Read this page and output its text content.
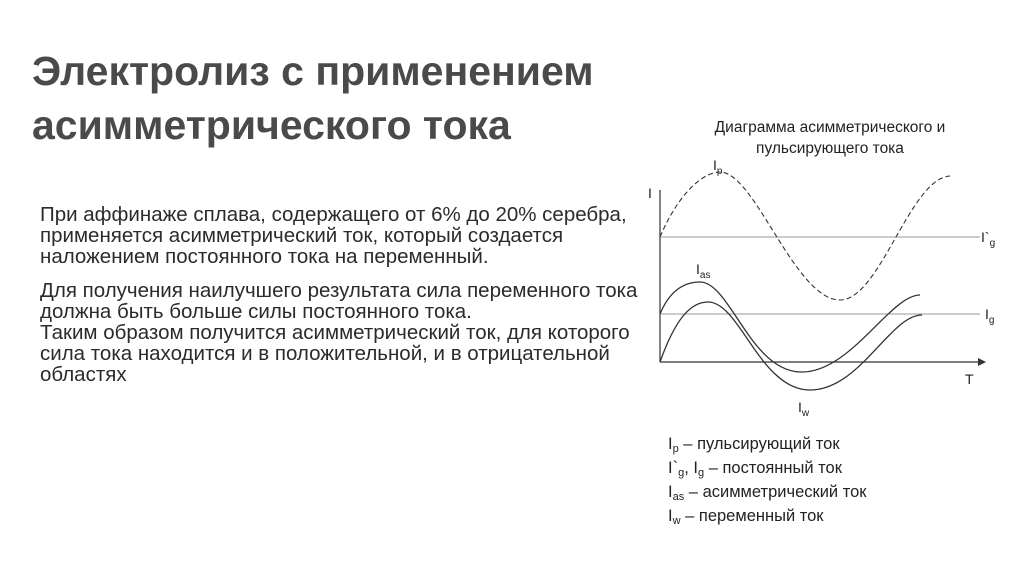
Электролиз с применением асимметрического тока

При аффинаже сплава, содержащего от 6% до 20% серебра, применяется асимметрический ток, который создается наложением постоянного тока на переменный.

Для получения наилучшего результата сила переменного тока должна быть больше силы постоянного тока.

Таким образом получится асимметрический ток, для которого сила тока находится и в положительной, и в отрицательной областях

Диаграмма асимметрического и пульсирующего тока
I
T
$I_p$
$I_{as}$
$I_w$
$I`_g$
$I_g$
$I_p$ – пульсирующий ток
$I`_g$, $I_g$ – постоянный ток
$I_{as}$ – асимметрический ток
$I_w$ – переменный ток
